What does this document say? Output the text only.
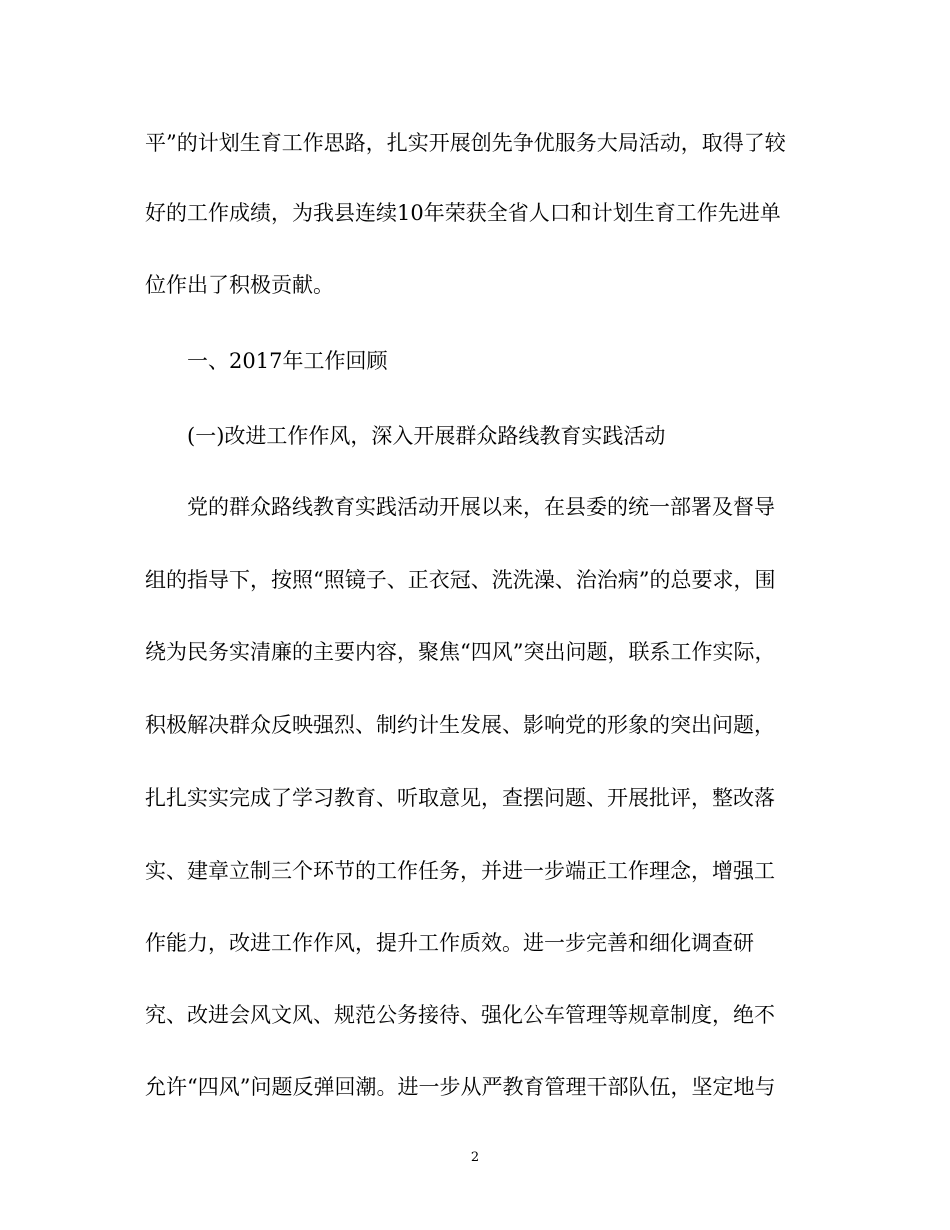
平”的计划生育工作思路，扎实开展创先争优服务大局活动，取得了较
好的工作成绩，为我县连续10年荣获全省人口和计划生育工作先进单
位作出了积极贡献。
一、2017年工作回顾
(一)改进工作作风，深入开展群众路线教育实践活动
党的群众路线教育实践活动开展以来，在县委的统一部署及督导
组的指导下，按照“照镜子、正衣冠、洗洗澡、治治病”的总要求，围
绕为民务实清廉的主要内容，聚焦“四风”突出问题，联系工作实际，
积极解决群众反映强烈、制约计生发展、影响党的形象的突出问题，
扎扎实实完成了学习教育、听取意见，查摆问题、开展批评，整改落
实、建章立制三个环节的工作任务，并进一步端正工作理念，增强工
作能力，改进工作作风，提升工作质效。进一步完善和细化调查研
究、改进会风文风、规范公务接待、强化公车管理等规章制度，绝不
允许“四风”问题反弹回潮。进一步从严教育管理干部队伍，坚定地与
2
